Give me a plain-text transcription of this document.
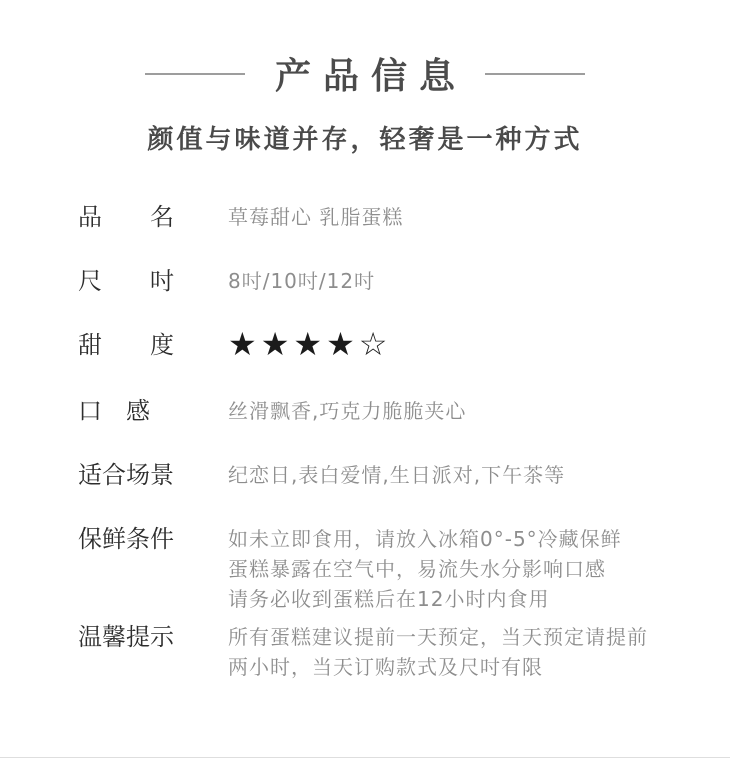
产品信息
颜值与味道并存，轻奢是一种方式
品　　名	草莓甜心 乳脂蛋糕
尺　　吋	8吋/10吋/12吋
甜　　度	★★★★☆
口　感	丝滑飘香,巧克力脆脆夹心
适合场景	纪恋日,表白爱情,生日派对,下午茶等
保鲜条件	如未立即食用，请放入冰箱0°-5°冷藏保鲜
蛋糕暴露在空气中，易流失水分影响口感
请务必收到蛋糕后在12小时内食用
温馨提示	所有蛋糕建议提前一天预定，当天预定请提前
两小时，当天订购款式及尺吋有限
